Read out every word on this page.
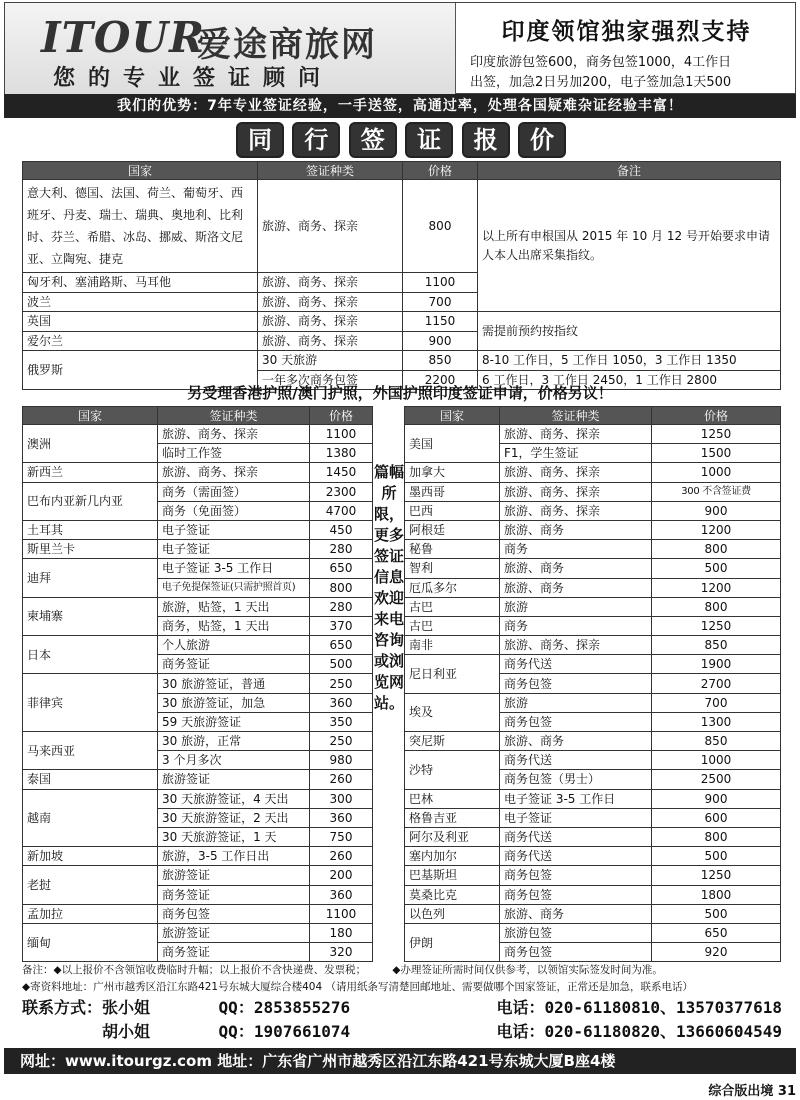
ITOUR
爱途商旅网
您的专业签证顾问
印度领馆独家强烈支持
印度旅游包签600，商务包签1000，4工作日
出签，加急2日另加200，电子签加急1天500
我们的优势：7年专业签证经验，一手送签，高通过率，处理各国疑难杂证经验丰富！
同	行	签	证	报	价
国家	签证种类	价格	备注
意大利、德国、法国、荷兰、葡萄牙、西班牙、丹麦、瑞士、瑞典、奥地利、比利时、芬兰、希腊、冰岛、挪威、斯洛文尼亚、立陶宛、捷克	旅游、商务、探亲	800	以上所有申根国从 2015 年 10 月 12 号开始要求申请人本人出席采集指纹。
匈牙利、塞浦路斯、马耳他	旅游、商务、探亲	1100	
波兰	旅游、商务、探亲	700	
英国	旅游、商务、探亲	1150	需提前预约按指纹
爱尔兰	旅游、商务、探亲	900	
俄罗斯	30 天旅游	850	8-10 工作日，5 工作日 1050，3 工作日 1350
	一年多次商务包签	2200	6 工作日，3 工作日 2450，1 工作日 2800
另受理香港护照/澳门护照，外国护照印度签证申请，价格另议！
国家	签证种类	价格
澳洲	旅游、商务、探亲	1100
	临时工作签	1380
新西兰	旅游、商务、探亲	1450
巴布内亚新几内亚	商务（需面签）	2300
	商务（免面签）	4700
土耳其	电子签证	450
斯里兰卡	电子签证	280
迪拜	电子签证 3-5 工作日	650
	电子免提保签证(只需护照首页)	800
柬埔寨	旅游，贴签，1 天出	280
	商务，贴签，1 天出	370
日本	个人旅游	650
	商务签证	500
菲律宾	30 旅游签证，普通	250
	30 旅游签证，加急	360
	59 天旅游签证	350
马来西亚	30 旅游，正常	250
	3 个月多次	980
泰国	旅游签证	260
越南	30 天旅游签证，4 天出	300
	30 天旅游签证，2 天出	360
	30 天旅游签证，1 天	750
新加坡	旅游，3-5 工作日出	260
老挝	旅游签证	200
	商务签证	360
孟加拉	商务包签	1100
缅甸	旅游签证	180
	商务签证	320
篇幅所限，更多签证信息欢迎来电咨询或浏览网站。
国家	签证种类	价格
美国	旅游、商务、探亲	1250
	F1，学生签证	1500
加拿大	旅游、商务、探亲	1000
墨西哥	旅游、商务、探亲	300 不含签证费
巴西	旅游、商务、探亲	900
阿根廷	旅游、商务	1200
秘鲁	商务	800
智利	旅游、商务	500
厄瓜多尔	旅游、商务	1200
古巴	旅游	800
古巴	商务	1250
南非	旅游、商务、探亲	850
尼日利亚	商务代送	1900
	商务包签	2700
埃及	旅游	700
	商务包签	1300
突尼斯	旅游、商务	850
沙特	商务代送	1000
	商务包签（男士）	2500
巴林	电子签证 3-5 工作日	900
格鲁吉亚	电子签证	600
阿尔及利亚	商务代送	800
塞内加尔	商务代送	500
巴基斯坦	商务包签	1250
莫桑比克	商务包签	1800
以色列	旅游、商务	500
伊朗	旅游包签	650
	商务包签	920
备注：◆以上报价不含领馆收费临时升幅；以上报价不含快递费、发票税；　　　◆办理签证所需时间仅供参考，以领馆实际签发时间为准。
◆寄资料地址：广州市越秀区沿江东路421号东城大厦综合楼404 （请用纸条写清楚回邮地址、需要做哪个国家签证，正常还是加急，联系电话）
联系方式： 张小姐	QQ：2853855276	电话：020-61180810、13570377618
胡小姐	QQ：1907661074	电话：020-61180820、13660604549
网址：www.itourgz.com 地址：广东省广州市越秀区沿江东路421号东城大厦B座4楼
综合版出境 31
